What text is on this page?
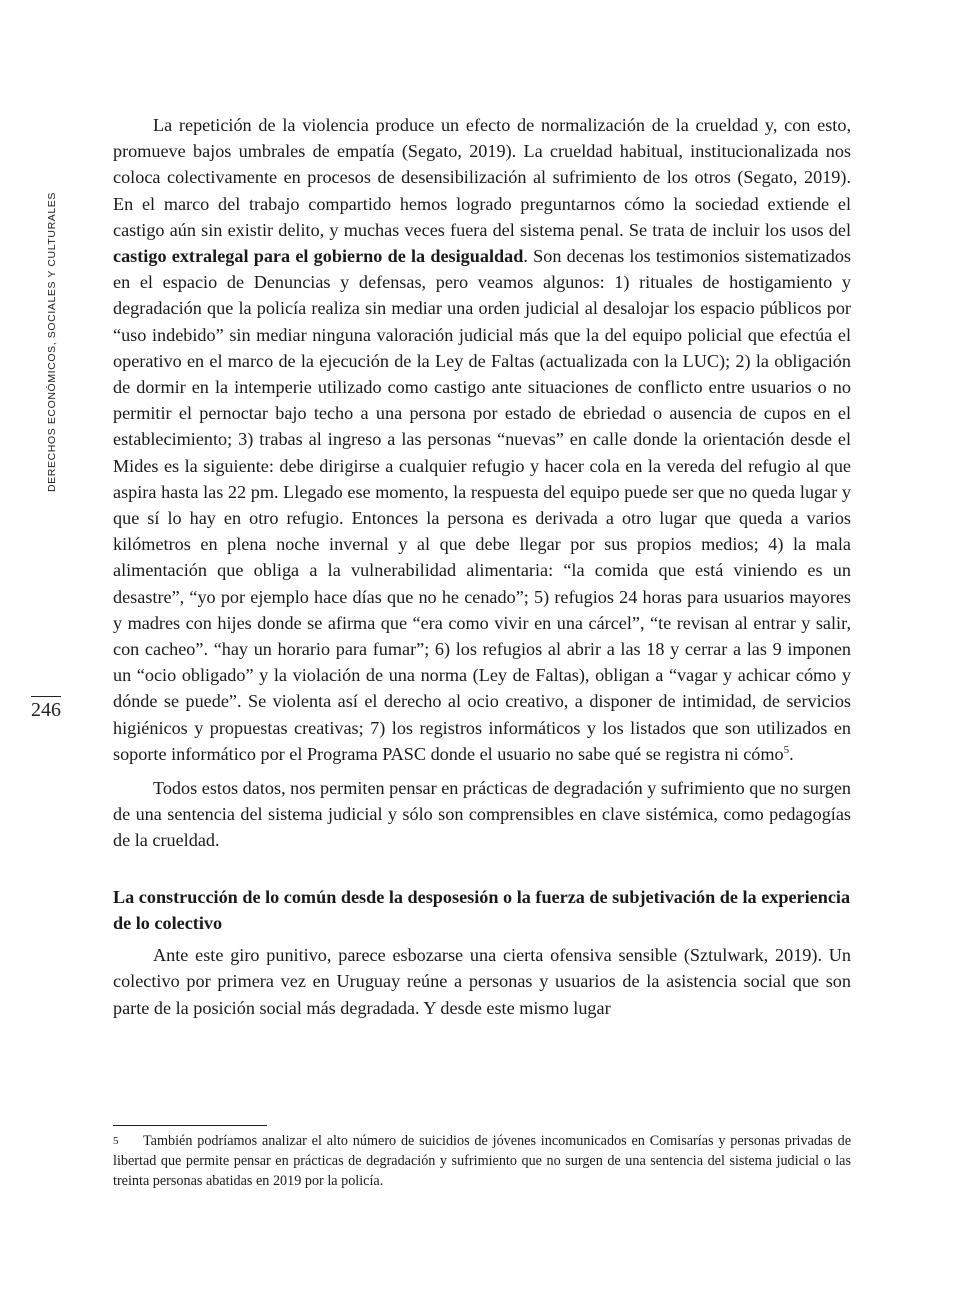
DERECHOS ECONÓMICOS, SOCIALES Y CULTURALES
246

La repetición de la violencia produce un efecto de normalización de la crueldad y, con esto, promueve bajos umbrales de empatía (Segato, 2019). La crueldad habitual, institucionalizada nos coloca colectivamente en procesos de desensibilización al sufrimiento de los otros (Segato, 2019). En el marco del trabajo compartido hemos logrado preguntarnos cómo la sociedad extiende el castigo aún sin existir delito, y muchas veces fuera del sistema penal. Se trata de incluir los usos del castigo extralegal para el gobierno de la desigualdad. Son decenas los testimonios sistematizados en el espacio de Denuncias y defensas, pero veamos algunos: 1) rituales de hostigamiento y degradación que la policía realiza sin mediar una orden judicial al desalojar los espacio públicos por “uso indebido” sin mediar ninguna valoración judicial más que la del equipo policial que efectúa el operativo en el marco de la ejecución de la Ley de Faltas (actualizada con la LUC); 2) la obligación de dormir en la intemperie utilizado como castigo ante situaciones de conflicto entre usuarios o no permitir el pernoctar bajo techo a una persona por estado de ebriedad o ausencia de cupos en el establecimiento; 3) trabas al ingreso a las personas “nuevas” en calle donde la orientación desde el Mides es la siguiente: debe dirigirse a cualquier refugio y hacer cola en la vereda del refugio al que aspira hasta las 22 pm. Llegado ese momento, la respuesta del equipo puede ser que no queda lugar y que sí lo hay en otro refugio. Entonces la persona es derivada a otro lugar que queda a varios kilómetros en plena noche invernal y al que debe llegar por sus propios medios; 4) la mala alimentación que obliga a la vulnerabilidad alimentaria: “la comida que está viniendo es un desastre”, “yo por ejemplo hace días que no he cenado”; 5) refugios 24 horas para usuarios mayores y madres con hijes donde se afirma que “era como vivir en una cárcel”, “te revisan al entrar y salir, con cacheo”. “hay un horario para fumar”; 6) los refugios al abrir a las 18 y cerrar a las 9 imponen un “ocio obligado” y la violación de una norma (Ley de Faltas), obligan a “vagar y achicar cómo y dónde se puede”. Se violenta así el derecho al ocio creativo, a disponer de intimidad, de servicios higiénicos y propuestas creativas; 7) los registros informáticos y los listados que son utilizados en soporte informático por el Programa PASC donde el usuario no sabe qué se registra ni cómo$^5$.

Todos estos datos, nos permiten pensar en prácticas de degradación y sufrimiento que no surgen de una sentencia del sistema judicial y sólo son comprensibles en clave sistémica, como pedagogías de la crueldad.

La construcción de lo común desde la desposesión o la fuerza de subjetivación de la experiencia de lo colectivo

Ante este giro punitivo, parece esbozarse una cierta ofensiva sensible (Sztulwark, 2019). Un colectivo por primera vez en Uruguay reúne a personas y usuarios de la asistencia social que son parte de la posición social más degradada. Y desde este mismo lugar

5 También podríamos analizar el alto número de suicidios de jóvenes incomunicados en Comisarías y personas privadas de libertad que permite pensar en prácticas de degradación y sufrimiento que no surgen de una sentencia del sistema judicial o las treinta personas abatidas en 2019 por la policía.
